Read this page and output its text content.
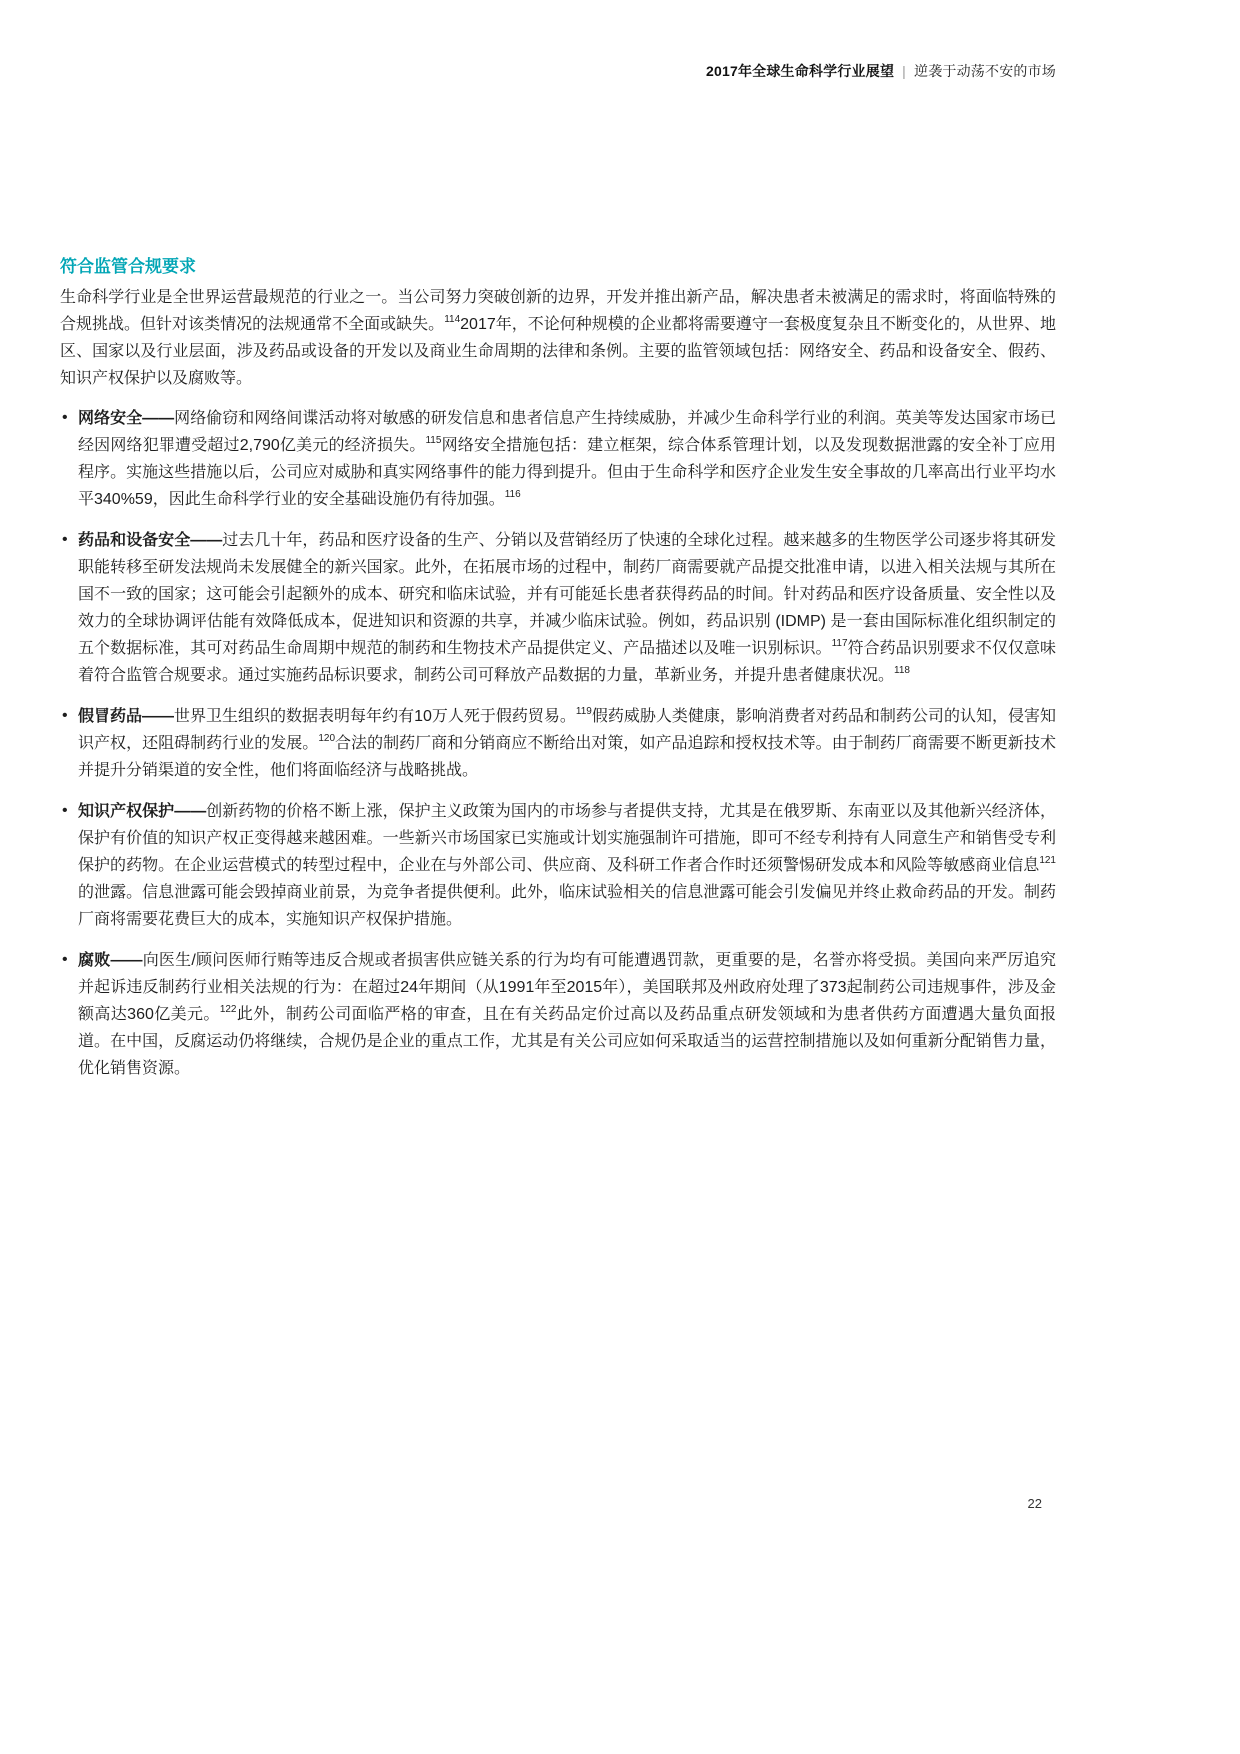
2017年全球生命科学行业展望 | 逆袭于动荡不安的市场
符合监管合规要求

生命科学行业是全世界运营最规范的行业之一。当公司努力突破创新的边界，开发并推出新产品，解决患者未被满足的需求时，将面临特殊的合规挑战。但针对该类情况的法规通常不全面或缺失。$^{114}$2017年，不论何种规模的企业都将需要遵守一套极度复杂且不断变化的，从世界、地区、国家以及行业层面，涉及药品或设备的开发以及商业生命周期的法律和条例。主要的监管领域包括：网络安全、药品和设备安全、假药、知识产权保护以及腐败等。

• 网络安全——网络偷窃和网络间谍活动将对敏感的研发信息和患者信息产生持续威胁，并减少生命科学行业的利润。英美等发达国家市场已经因网络犯罪遭受超过2,790亿美元的经济损失。$^{115}$网络安全措施包括：建立框架，综合体系管理计划，以及发现数据泄露的安全补丁应用程序。实施这些措施以后，公司应对威胁和真实网络事件的能力得到提升。但由于生命科学和医疗企业发生安全事故的几率高出行业平均水平340%59，因此生命科学行业的安全基础设施仍有待加强。$^{116}$

• 药品和设备安全——过去几十年，药品和医疗设备的生产、分销以及营销经历了快速的全球化过程。越来越多的生物医学公司逐步将其研发职能转移至研发法规尚未发展健全的新兴国家。此外，在拓展市场的过程中，制药厂商需要就产品提交批准申请，以进入相关法规与其所在国不一致的国家；这可能会引起额外的成本、研究和临床试验，并有可能延长患者获得药品的时间。针对药品和医疗设备质量、安全性以及效力的全球协调评估能有效降低成本，促进知识和资源的共享，并减少临床试验。例如，药品识别 (IDMP) 是一套由国际标准化组织制定的五个数据标准，其可对药品生命周期中规范的制药和生物技术产品提供定义、产品描述以及唯一识别标识。$^{117}$符合药品识别要求不仅仅意味着符合监管合规要求。通过实施药品标识要求，制药公司可释放产品数据的力量，革新业务，并提升患者健康状况。$^{118}$

• 假冒药品——世界卫生组织的数据表明每年约有10万人死于假药贸易。$^{119}$假药威胁人类健康，影响消费者对药品和制药公司的认知，侵害知识产权，还阻碍制药行业的发展。$^{120}$合法的制药厂商和分销商应不断给出对策，如产品追踪和授权技术等。由于制药厂商需要不断更新技术并提升分销渠道的安全性，他们将面临经济与战略挑战。

• 知识产权保护——创新药物的价格不断上涨，保护主义政策为国内的市场参与者提供支持，尤其是在俄罗斯、东南亚以及其他新兴经济体，保护有价值的知识产权正变得越来越困难。一些新兴市场国家已实施或计划实施强制许可措施，即可不经专利持有人同意生产和销售受专利保护的药物。在企业运营模式的转型过程中，企业在与外部公司、供应商、及科研工作者合作时还须警惕研发成本和风险等敏感商业信息$^{121}$的泄露。信息泄露可能会毁掉商业前景，为竞争者提供便利。此外，临床试验相关的信息泄露可能会引发偏见并终止救命药品的开发。制药厂商将需要花费巨大的成本，实施知识产权保护措施。

• 腐败——向医生/顾问医师行贿等违反合规或者损害供应链关系的行为均有可能遭遇罚款，更重要的是，名誉亦将受损。美国向来严厉追究并起诉违反制药行业相关法规的行为：在超过24年期间（从1991年至2015年），美国联邦及州政府处理了373起制药公司违规事件，涉及金额高达360亿美元。$^{122}$此外，制药公司面临严格的审查，且在有关药品定价过高以及药品重点研发领域和为患者供药方面遭遇大量负面报道。在中国，反腐运动仍将继续，合规仍是企业的重点工作，尤其是有关公司应如何采取适当的运营控制措施以及如何重新分配销售力量，优化销售资源。

22
